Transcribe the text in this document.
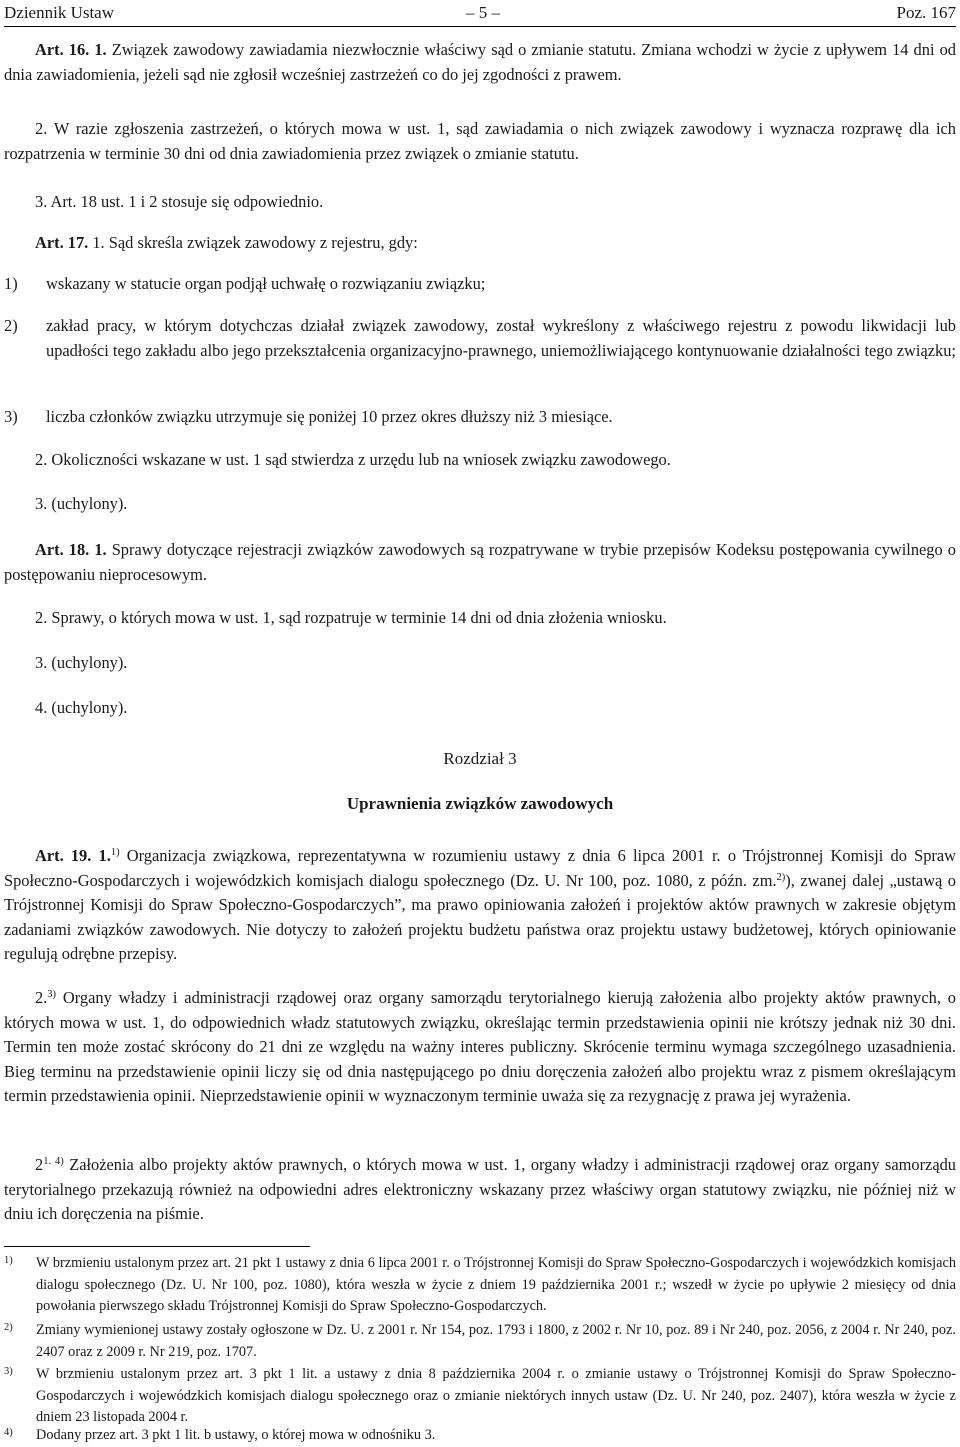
Dziennik Ustaw	– 5 –	Poz. 167

Art. 16. 1. Związek zawodowy zawiadamia niezwłocznie właściwy sąd o zmianie statutu. Zmiana wchodzi w życie z upływem 14 dni od dnia zawiadomienia, jeżeli sąd nie zgłosił wcześniej zastrzeżeń co do jej zgodności z prawem.

2. W razie zgłoszenia zastrzeżeń, o których mowa w ust. 1, sąd zawiadamia o nich związek zawodowy i wyznacza rozprawę dla ich rozpatrzenia w terminie 30 dni od dnia zawiadomienia przez związek o zmianie statutu.

3. Art. 18 ust. 1 i 2 stosuje się odpowiednio.

Art. 17. 1. Sąd skreśla związek zawodowy z rejestru, gdy:

1) wskazany w statucie organ podjął uchwałę o rozwiązaniu związku;

2) zakład pracy, w którym dotychczas działał związek zawodowy, został wykreślony z właściwego rejestru z powodu likwidacji lub upadłości tego zakładu albo jego przekształcenia organizacyjno-prawnego, uniemożliwiającego kontynuowanie działalności tego związku;

3) liczba członków związku utrzymuje się poniżej 10 przez okres dłuższy niż 3 miesiące.

2. Okoliczności wskazane w ust. 1 sąd stwierdza z urzędu lub na wniosek związku zawodowego.

3. (uchylony).

Art. 18. 1. Sprawy dotyczące rejestracji związków zawodowych są rozpatrywane w trybie przepisów Kodeksu postępowania cywilnego o postępowaniu nieprocesowym.

2. Sprawy, o których mowa w ust. 1, sąd rozpatruje w terminie 14 dni od dnia złożenia wniosku.

3. (uchylony).

4. (uchylony).

Rozdział 3

Uprawnienia związków zawodowych

Art. 19. 1.$^{1)}$ Organizacja związkowa, reprezentatywna w rozumieniu ustawy z dnia 6 lipca 2001 r. o Trójstronnej Komisji do Spraw Społeczno-Gospodarczych i wojewódzkich komisjach dialogu społecznego (Dz. U. Nr 100, poz. 1080, z późn. zm.$^{2)}$), zwanej dalej „ustawą o Trójstronnej Komisji do Spraw Społeczno-Gospodarczych”, ma prawo opiniowania założeń i projektów aktów prawnych w zakresie objętym zadaniami związków zawodowych. Nie dotyczy to założeń projektu budżetu państwa oraz projektu ustawy budżetowej, których opiniowanie regulują odrębne przepisy.

2.$^{3)}$ Organy władzy i administracji rządowej oraz organy samorządu terytorialnego kierują założenia albo projekty aktów prawnych, o których mowa w ust. 1, do odpowiednich władz statutowych związku, określając termin przedstawienia opinii nie krótszy jednak niż 30 dni. Termin ten może zostać skrócony do 21 dni ze względu na ważny interes publiczny. Skrócenie terminu wymaga szczególnego uzasadnienia. Bieg terminu na przedstawienie opinii liczy się od dnia następującego po dniu doręczenia założeń albo projektu wraz z pismem określającym termin przedstawienia opinii. Nieprzedstawienie opinii w wyznaczonym terminie uważa się za rezygnację z prawa jej wyrażenia.

$2^{1. 4)}$ Założenia albo projekty aktów prawnych, o których mowa w ust. 1, organy władzy i administracji rządowej oraz organy samorządu terytorialnego przekazują również na odpowiedni adres elektroniczny wskazany przez właściwy organ statutowy związku, nie później niż w dniu ich doręczenia na piśmie.

1) W brzmieniu ustalonym przez art. 21 pkt 1 ustawy z dnia 6 lipca 2001 r. o Trójstronnej Komisji do Spraw Społeczno-Gospodarczych i wojewódzkich komisjach dialogu społecznego (Dz. U. Nr 100, poz. 1080), która weszła w życie z dniem 19 października 2001 r.; wszedł w życie po upływie 2 miesięcy od dnia powołania pierwszego składu Trójstronnej Komisji do Spraw Społeczno-Gospodarczych.

2) Zmiany wymienionej ustawy zostały ogłoszone w Dz. U. z 2001 r. Nr 154, poz. 1793 i 1800, z 2002 r. Nr 10, poz. 89 i Nr 240, poz. 2056, z 2004 r. Nr 240, poz. 2407 oraz z 2009 r. Nr 219, poz. 1707.

3) W brzmieniu ustalonym przez art. 3 pkt 1 lit. a ustawy z dnia 8 października 2004 r. o zmianie ustawy o Trójstronnej Komisji do Spraw Społeczno-Gospodarczych i wojewódzkich komisjach dialogu społecznego oraz o zmianie niektórych innych ustaw (Dz. U. Nr 240, poz. 2407), która weszła w życie z dniem 23 listopada 2004 r.

4) Dodany przez art. 3 pkt 1 lit. b ustawy, o której mowa w odnośniku 3.
